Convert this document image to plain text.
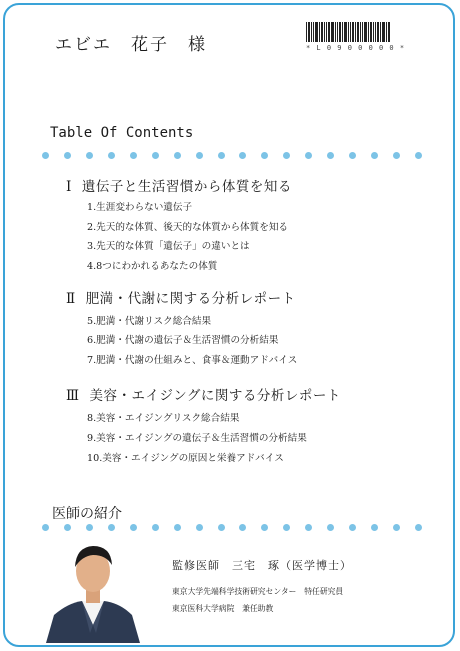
エビエ　花子　様	* L 0 9 0 0 0 0 0 *
Table Of Contents
Ⅰ 遺伝子と生活習慣から体質を知る
1.生涯変わらない遺伝子
2.先天的な体質、後天的な体質から体質を知る
3.先天的な体質「遺伝子」の違いとは
4.8つにわかれるあなたの体質
Ⅱ 肥満・代謝に関する分析レポート
5.肥満・代謝リスク総合結果
6.肥満・代謝の遺伝子＆生活習慣の分析結果
7.肥満・代謝の仕組みと、食事＆運動アドバイス
Ⅲ 美容・エイジングに関する分析レポート
8.美容・エイジングリスク総合結果
9.美容・エイジングの遺伝子＆生活習慣の分析結果
10.美容・エイジングの原因と栄養アドバイス
医師の紹介
監修医師　三宅　琢（医学博士）
東京大学先端科学技術研究センター　特任研究員
東京医科大学病院　兼任助教
